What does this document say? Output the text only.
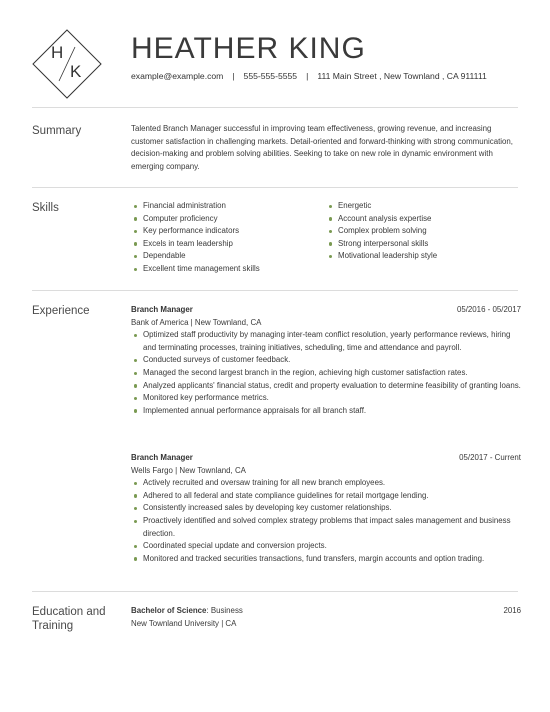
H
K
HEATHER KING
example@example.com | 555-555-5555 | 111 Main Street , New Townland , CA 911111
Summary	Talented Branch Manager successful in improving team effectiveness, growing revenue, and increasing customer satisfaction in challenging markets. Detail-oriented and forward-thinking with strong communication, decision-making and problem solving abilities. Seeking to take on new role in dynamic environment with emerging company.
Skills	Financial administration
Computer proficiency
Key performance indicators
Excels in team leadership
Dependable
Excellent time management skills
Energetic
Account analysis expertise
Complex problem solving
Strong interpersonal skills
Motivational leadership style
Experience	Branch Manager	05/2016 - 05/2017
Bank of America | New Townland, CA
Optimized staff productivity by managing inter-team conflict resolution, yearly performance reviews, hiring and terminating processes, training initiatives, scheduling, time and attendance and payroll.
Conducted surveys of customer feedback.
Managed the second largest branch in the region, achieving high customer satisfaction rates.
Analyzed applicants' financial status, credit and property evaluation to determine feasibility of granting loans.
Monitored key performance metrics.
Implemented annual performance appraisals for all branch staff.
Branch Manager	05/2017 - Current
Wells Fargo | New Townland, CA
Actively recruited and oversaw training for all new branch employees.
Adhered to all federal and state compliance guidelines for retail mortgage lending.
Consistently increased sales by developing key customer relationships.
Proactively identified and solved complex strategy problems that impact sales management and business direction.
Coordinated special update and conversion projects.
Monitored and tracked securities transactions, fund transfers, margin accounts and option trading.
Education and
Training
Bachelor of Science: Business	2016
New Townland University | CA
